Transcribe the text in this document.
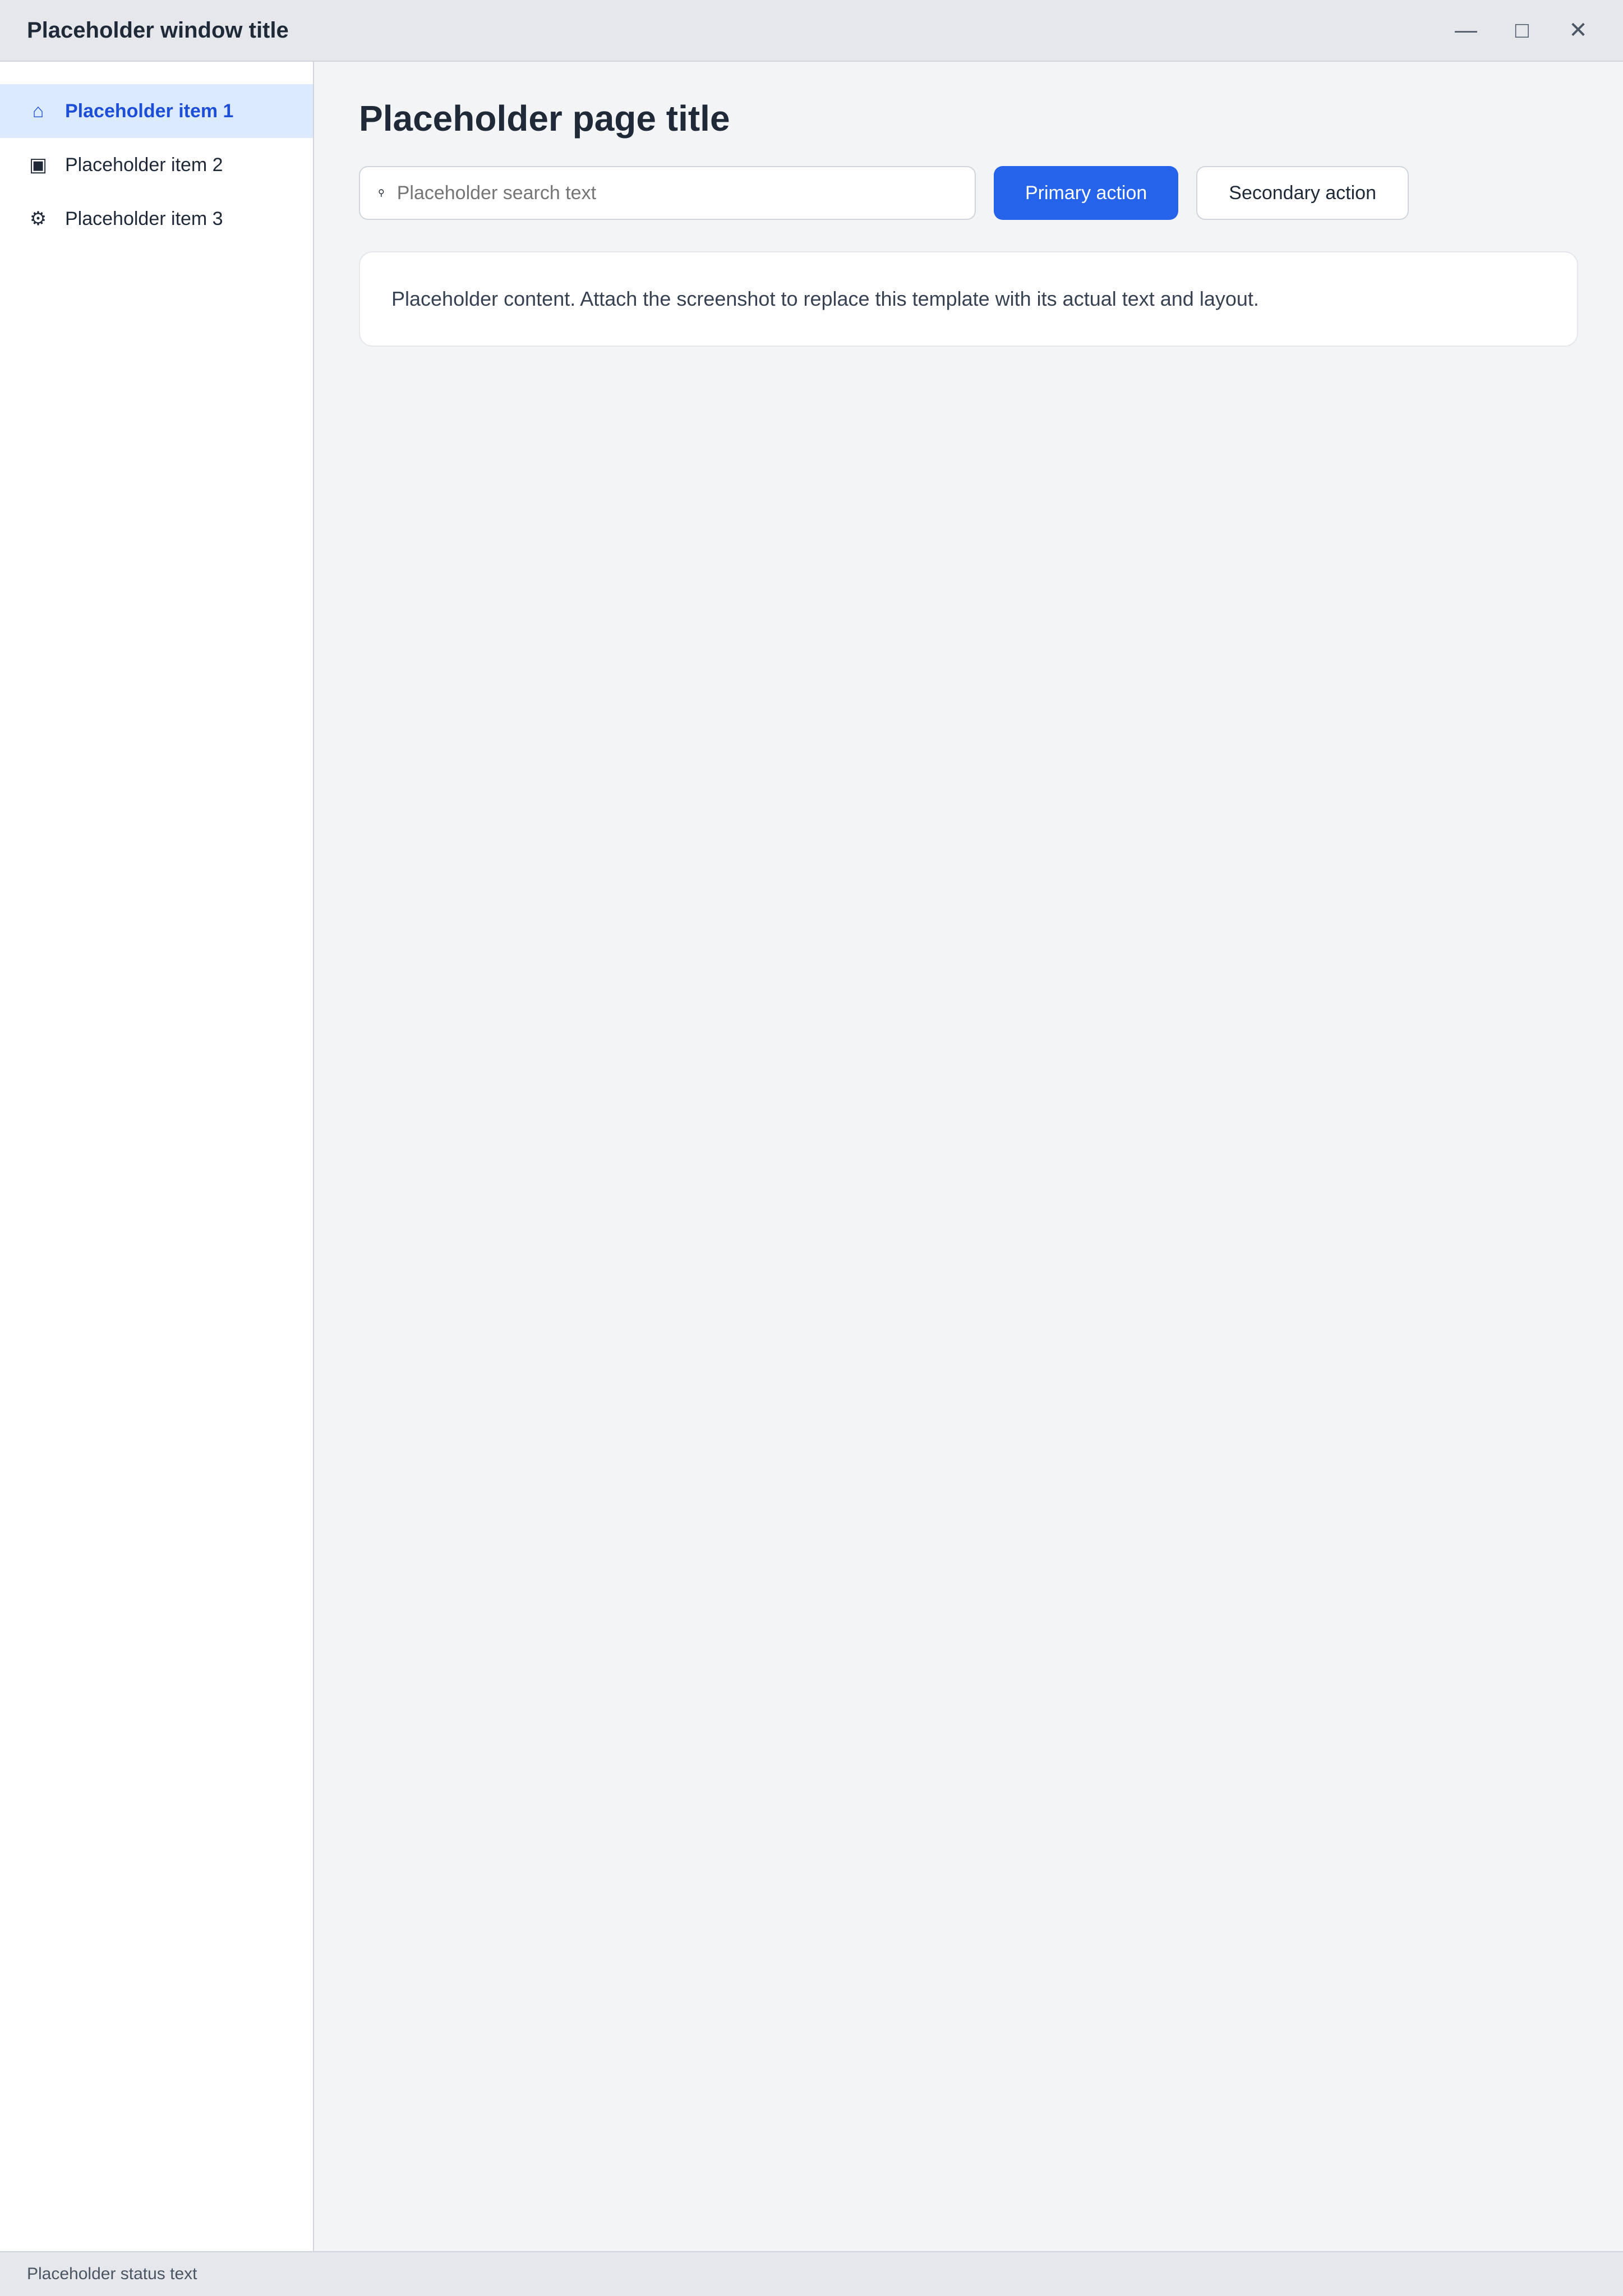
Placeholder window title	—	□	✕
⌂ Placeholder item 1
▣ Placeholder item 2
⚙ Placeholder item 3
Placeholder page title
⚲
Placeholder search text	Primary action	Secondary action

Placeholder content. Attach the screenshot to replace this template with its actual text and layout.

Placeholder status text
